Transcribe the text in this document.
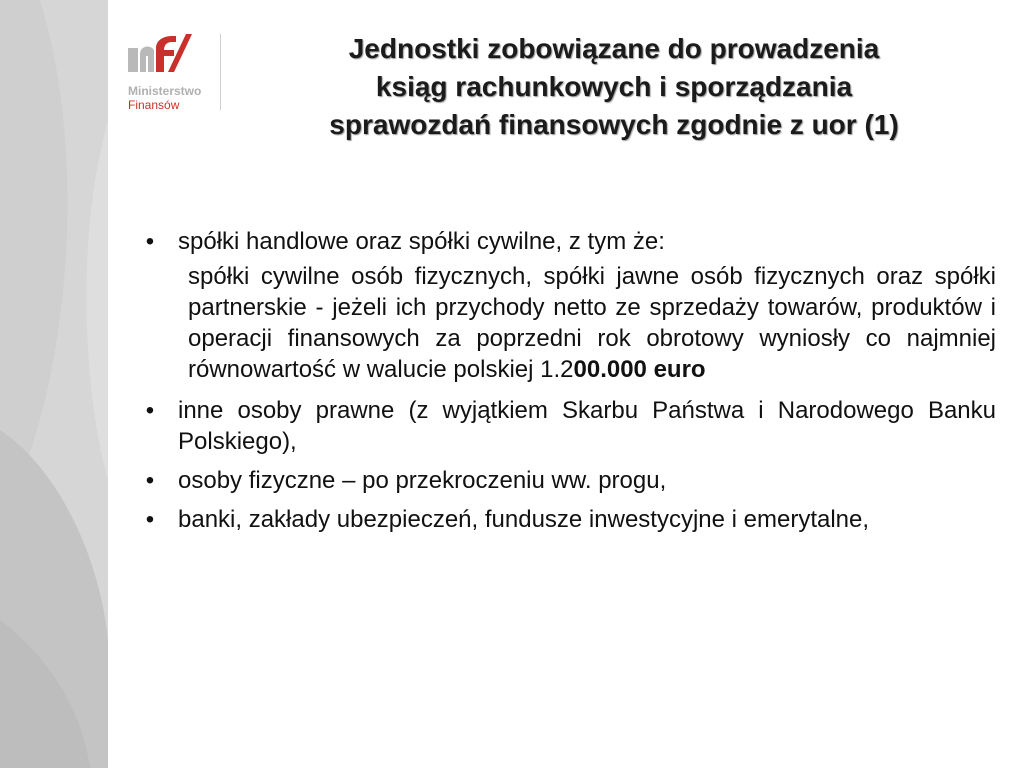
Ministerstwo
Finansów
Jednostki zobowiązane do prowadzenia
ksiąg rachunkowych i sporządzania
sprawozdań finansowych zgodnie z uor (1)
• spółki handlowe oraz spółki cywilne, z tym że:
spółki cywilne osób fizycznych, spółki jawne osób fizycznych oraz spółki partnerskie - jeżeli ich przychody netto ze sprzedaży towarów, produktów i operacji finansowych za poprzedni rok obrotowy wyniosły co najmniej równowartość w walucie polskiej 1.200.000 euro
• inne osoby prawne (z wyjątkiem Skarbu Państwa i Narodowego Banku Polskiego),
• osoby fizyczne – po przekroczeniu ww. progu,
• banki, zakłady ubezpieczeń, fundusze inwestycyjne i emerytalne,
